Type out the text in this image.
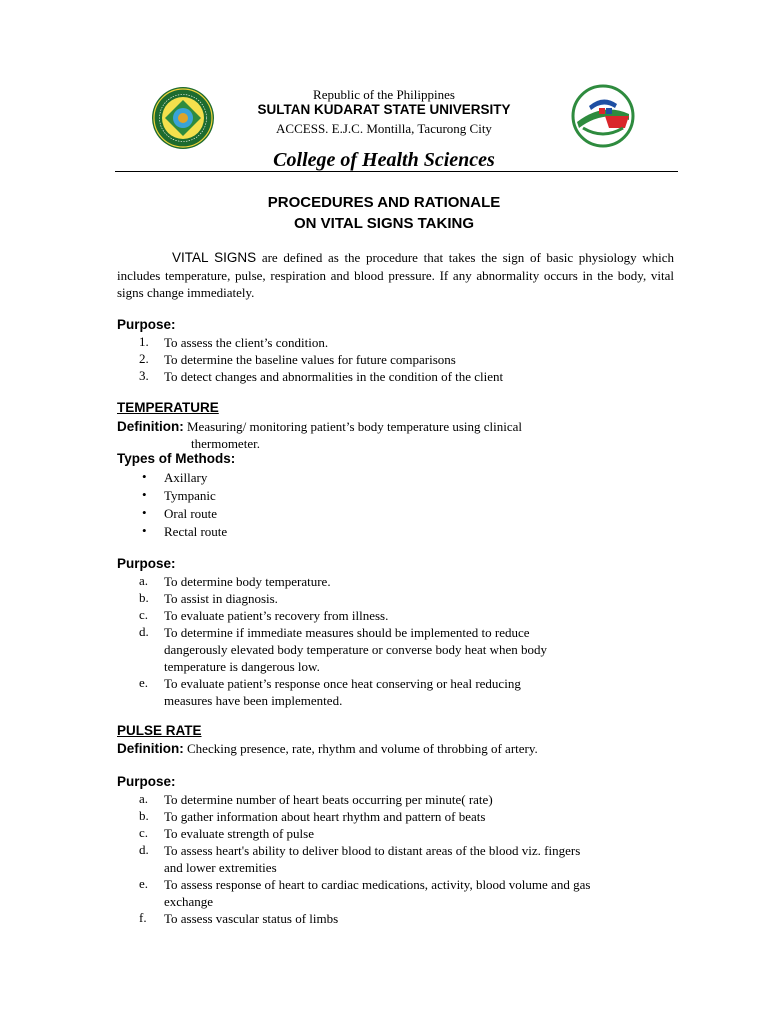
Republic of the Philippines
SULTAN KUDARAT STATE UNIVERSITY
ACCESS. E.J.C. Montilla, Tacurong City
College of Health Sciences
PROCEDURES AND RATIONALE
ON VITAL SIGNS TAKING
VITAL SIGNS are defined as the procedure that takes the sign of basic physiology which includes temperature, pulse, respiration and blood pressure. If any abnormality occurs in the body, vital signs change immediately.
Purpose:
1.	To assess the client’s condition.
2.	To determine the baseline values for future comparisons
3.	To detect changes and abnormalities in the condition of the client
TEMPERATURE
Definition: Measuring/ monitoring patient’s body temperature using clinical
thermometer.
Types of Methods:
• Axillary
• Tympanic
• Oral route
• Rectal route
Purpose:
a.	To determine body temperature.
b.	To assist in diagnosis.
c.	To evaluate patient’s recovery from illness.
d.	To determine if immediate measures should be implemented to reduce
dangerously elevated body temperature or converse body heat when body
temperature is dangerous low.
e.	To evaluate patient’s response once heat conserving or heal reducing
measures have been implemented.
PULSE RATE
Definition: Checking presence, rate, rhythm and volume of throbbing of artery.
Purpose:
a.	To determine number of heart beats occurring per minute( rate)
b.	To gather information about heart rhythm and pattern of beats
c.	To evaluate strength of pulse
d.	To assess heart's ability to deliver blood to distant areas of the blood viz. fingers
and lower extremities
e.	To assess response of heart to cardiac medications, activity, blood volume and gas
exchange
f.	To assess vascular status of limbs
